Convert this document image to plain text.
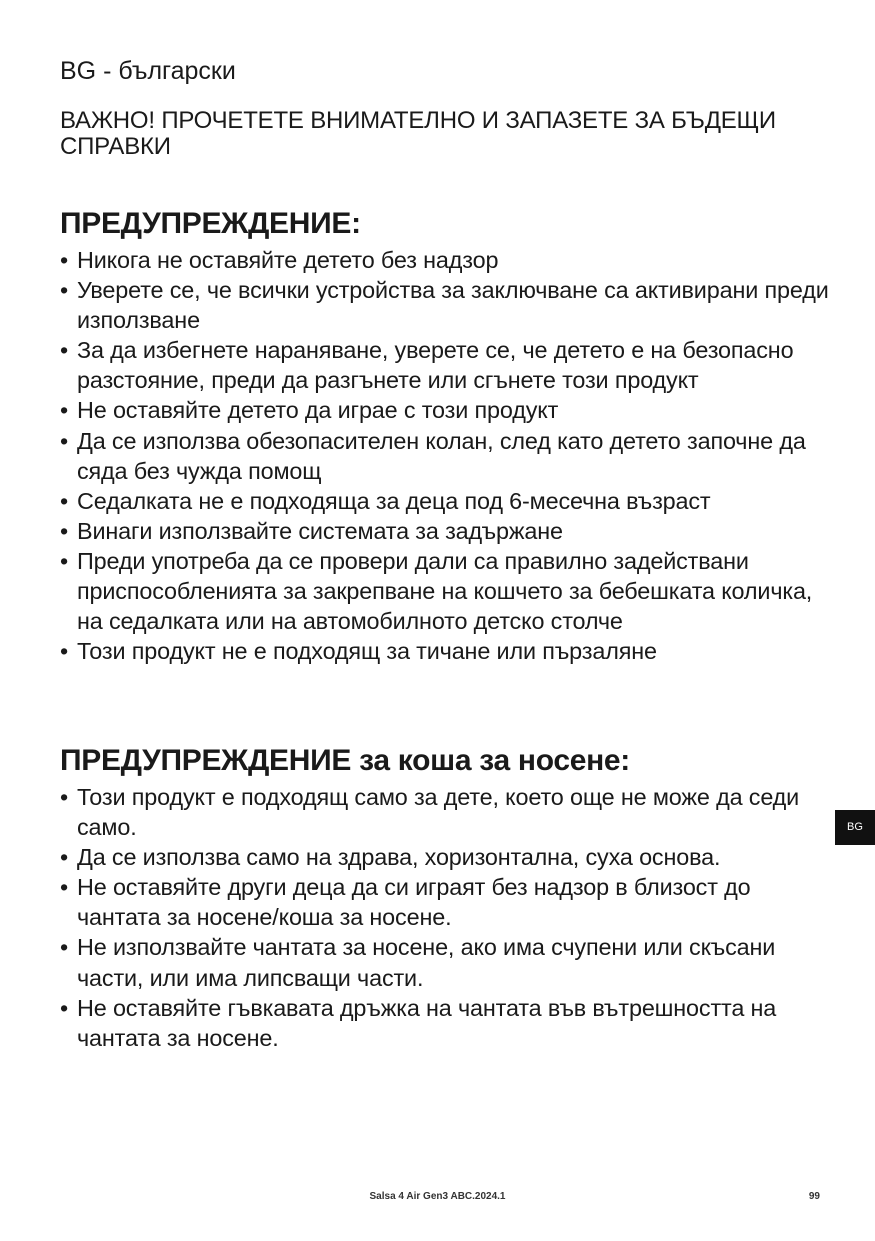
BG - български
ВАЖНО! ПРОЧЕТЕТЕ ВНИМАТЕЛНО И ЗАПАЗЕТЕ ЗА БЪДЕЩИ СПРАВКИ
ПРЕДУПРЕЖДЕНИЕ:
• Никога не оставяйте детето без надзор
• Уверете се, че всички устройства за заключване са активирани преди използване
• За да избегнете нараняване, уверете се, че детето е на безопасно разстояние, преди да разгънете или сгънете този продукт
• Не оставяйте детето да играе с този продукт
• Да се използва обезопасителен колан, след като детето започне да сяда без чужда помощ
• Седалката не е подходяща за деца под 6-месечна възраст
• Винаги използвайте системата за задържане
• Преди употреба да се провери дали са правилно задействани приспособленията за закрепване на кошчето за бебешката количка, на седалката или на автомобилното детско столче
• Този продукт не е подходящ за тичане или пързаляне
ПРЕДУПРЕЖДЕНИЕ за коша за носене:
• Този продукт е подходящ само за дете, което още не може да седи само.
• Да се използва само на здрава, хоризонтална, суха основа.
• Не оставяйте други деца да си играят без надзор в близост до чантата за носене/коша за носене.
• Не използвайте чантата за носене, ако има счупени или скъсани части, или има липсващи части.
• Не оставяйте гъвкавата дръжка на чантата във вътрешността на чантата за носене.
BG
Salsa 4 Air Gen3 ABC.2024.1	99
